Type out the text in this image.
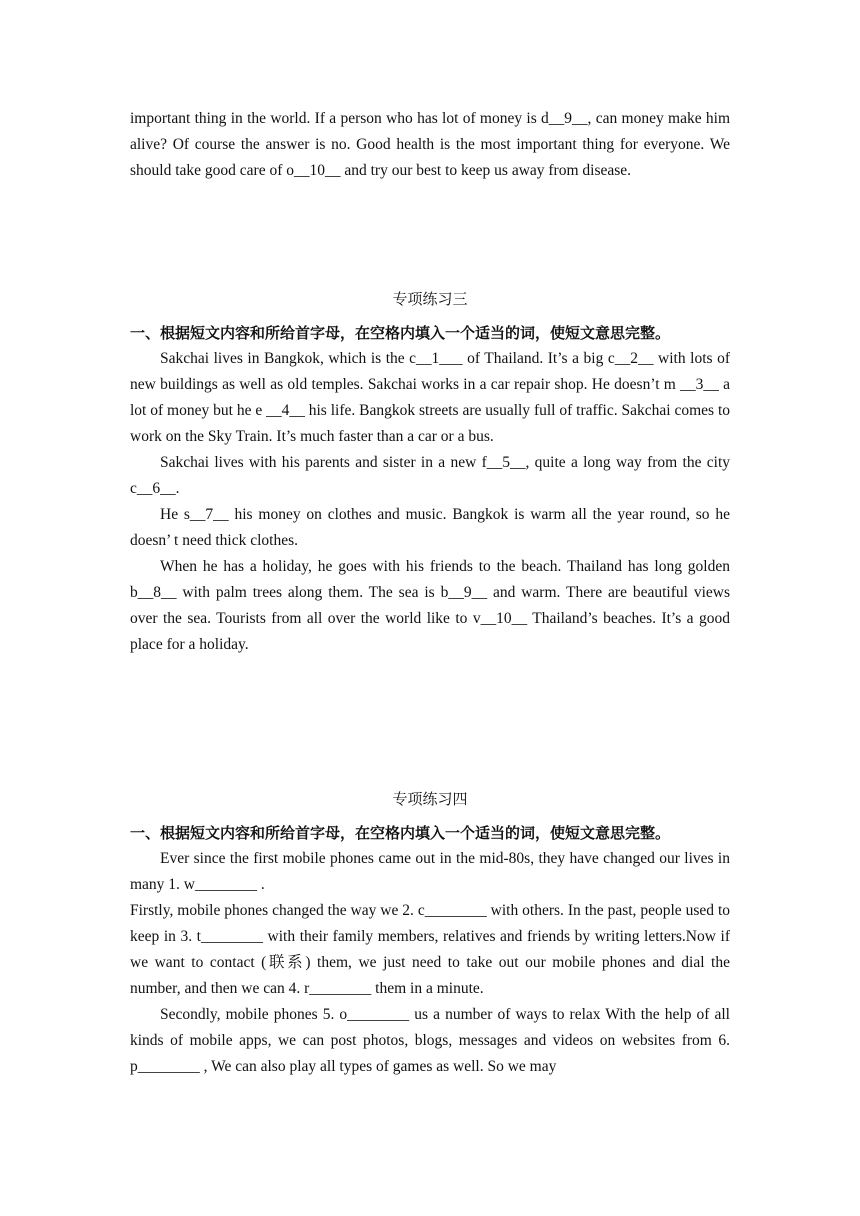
important thing in the world. If a person who has lot of money is d__9__, can money make him alive? Of course the answer is no. Good health is the most important thing for everyone. We should take good care of o__10__ and try our best to keep us away from disease.

专项练习三

一、根据短文内容和所给首字母，在空格内填入一个适当的词，使短文意思完整。

Sakchai lives in Bangkok, which is the c__1___ of Thailand. It’s a big c__2__ with lots of new buildings as well as old temples. Sakchai works in a car repair shop. He doesn’t m __3__ a lot of money but he e __4__ his life. Bangkok streets are usually full of traffic. Sakchai comes to work on the Sky Train. It’s much faster than a car or a bus.

Sakchai lives with his parents and sister in a new f__5__, quite a long way from the city c__6__.

He s__7__ his money on clothes and music. Bangkok is warm all the year round, so he doesn’ t need thick clothes.

When he has a holiday, he goes with his friends to the beach. Thailand has long golden b__8__ with palm trees along them. The sea is b__9__ and warm. There are beautiful views over the sea. Tourists from all over the world like to v__10__ Thailand’s beaches. It’s a good place for a holiday.

专项练习四

一、根据短文内容和所给首字母，在空格内填入一个适当的词，使短文意思完整。

Ever since the first mobile phones came out in the mid-80s, they have changed our lives in many 1. w________ .

Firstly, mobile phones changed the way we 2. c________ with others. In the past, people used to keep in 3. t________ with their family members, relatives and friends by writing letters.Now if we want to contact (联系) them, we just need to take out our mobile phones and dial the number, and then we can 4. r________ them in a minute.

Secondly, mobile phones 5. o________ us a number of ways to relax With the help of all kinds of mobile apps, we can post photos, blogs, messages and videos on websites from 6. p________ , We can also play all types of games as well. So we may
